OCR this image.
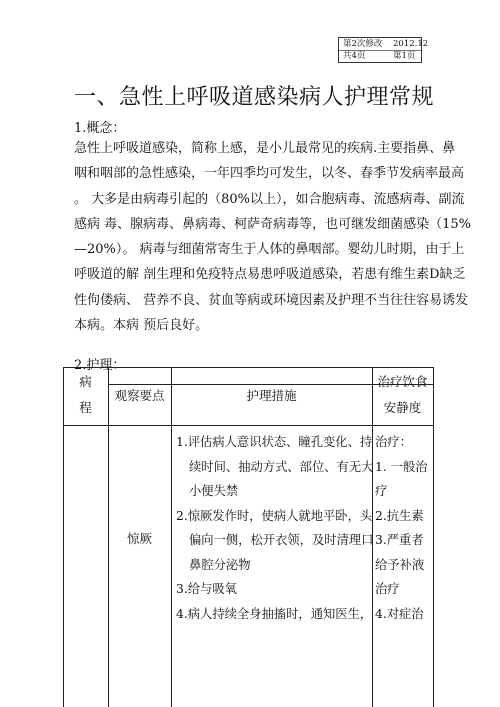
第2次修改 2012.12
共4页	第1页
一、急性上呼吸道感染病人护理常规
1.概念：

急性上呼吸道感染，简称上感，是小儿最常见的疾病.主要指鼻、鼻

咽和咽部的急性感染，一年四季均可发生，以冬、春季节发病率最高

。 大多是由病毒引起的（80%以上），如合胞病毒、流感病毒、副流

感病 毒、腺病毒、鼻病毒、柯萨奇病毒等，也可继发细菌感染（15%

—20%）。 病毒与细菌常寄生于人体的鼻咽部。婴幼儿时期，由于上

呼吸道的解 剖生理和免疫特点易患呼吸道感染，若患有维生素D缺乏

性佝偻病、 营养不良、贫血等病或环境因素及护理不当往往容易诱发

本病。本病 预后良好。

2.护理：

病

程

观察要点	护理措施

治疗饮食

安静度

惊厥

1.评估病人意识状态、瞳孔变化、持

续时间、抽动方式、部位、有无大

小便失禁

2.惊厥发作时，使病人就地平卧，头

偏向一侧，松开衣领，及时清理口

鼻腔分泌物

3.给与吸氧

4.病人持续全身抽搐时，通知医生，

治疗：

1. 一般治

疗

2.抗生素

3.严重者

给予补液

治疗

4.对症治
